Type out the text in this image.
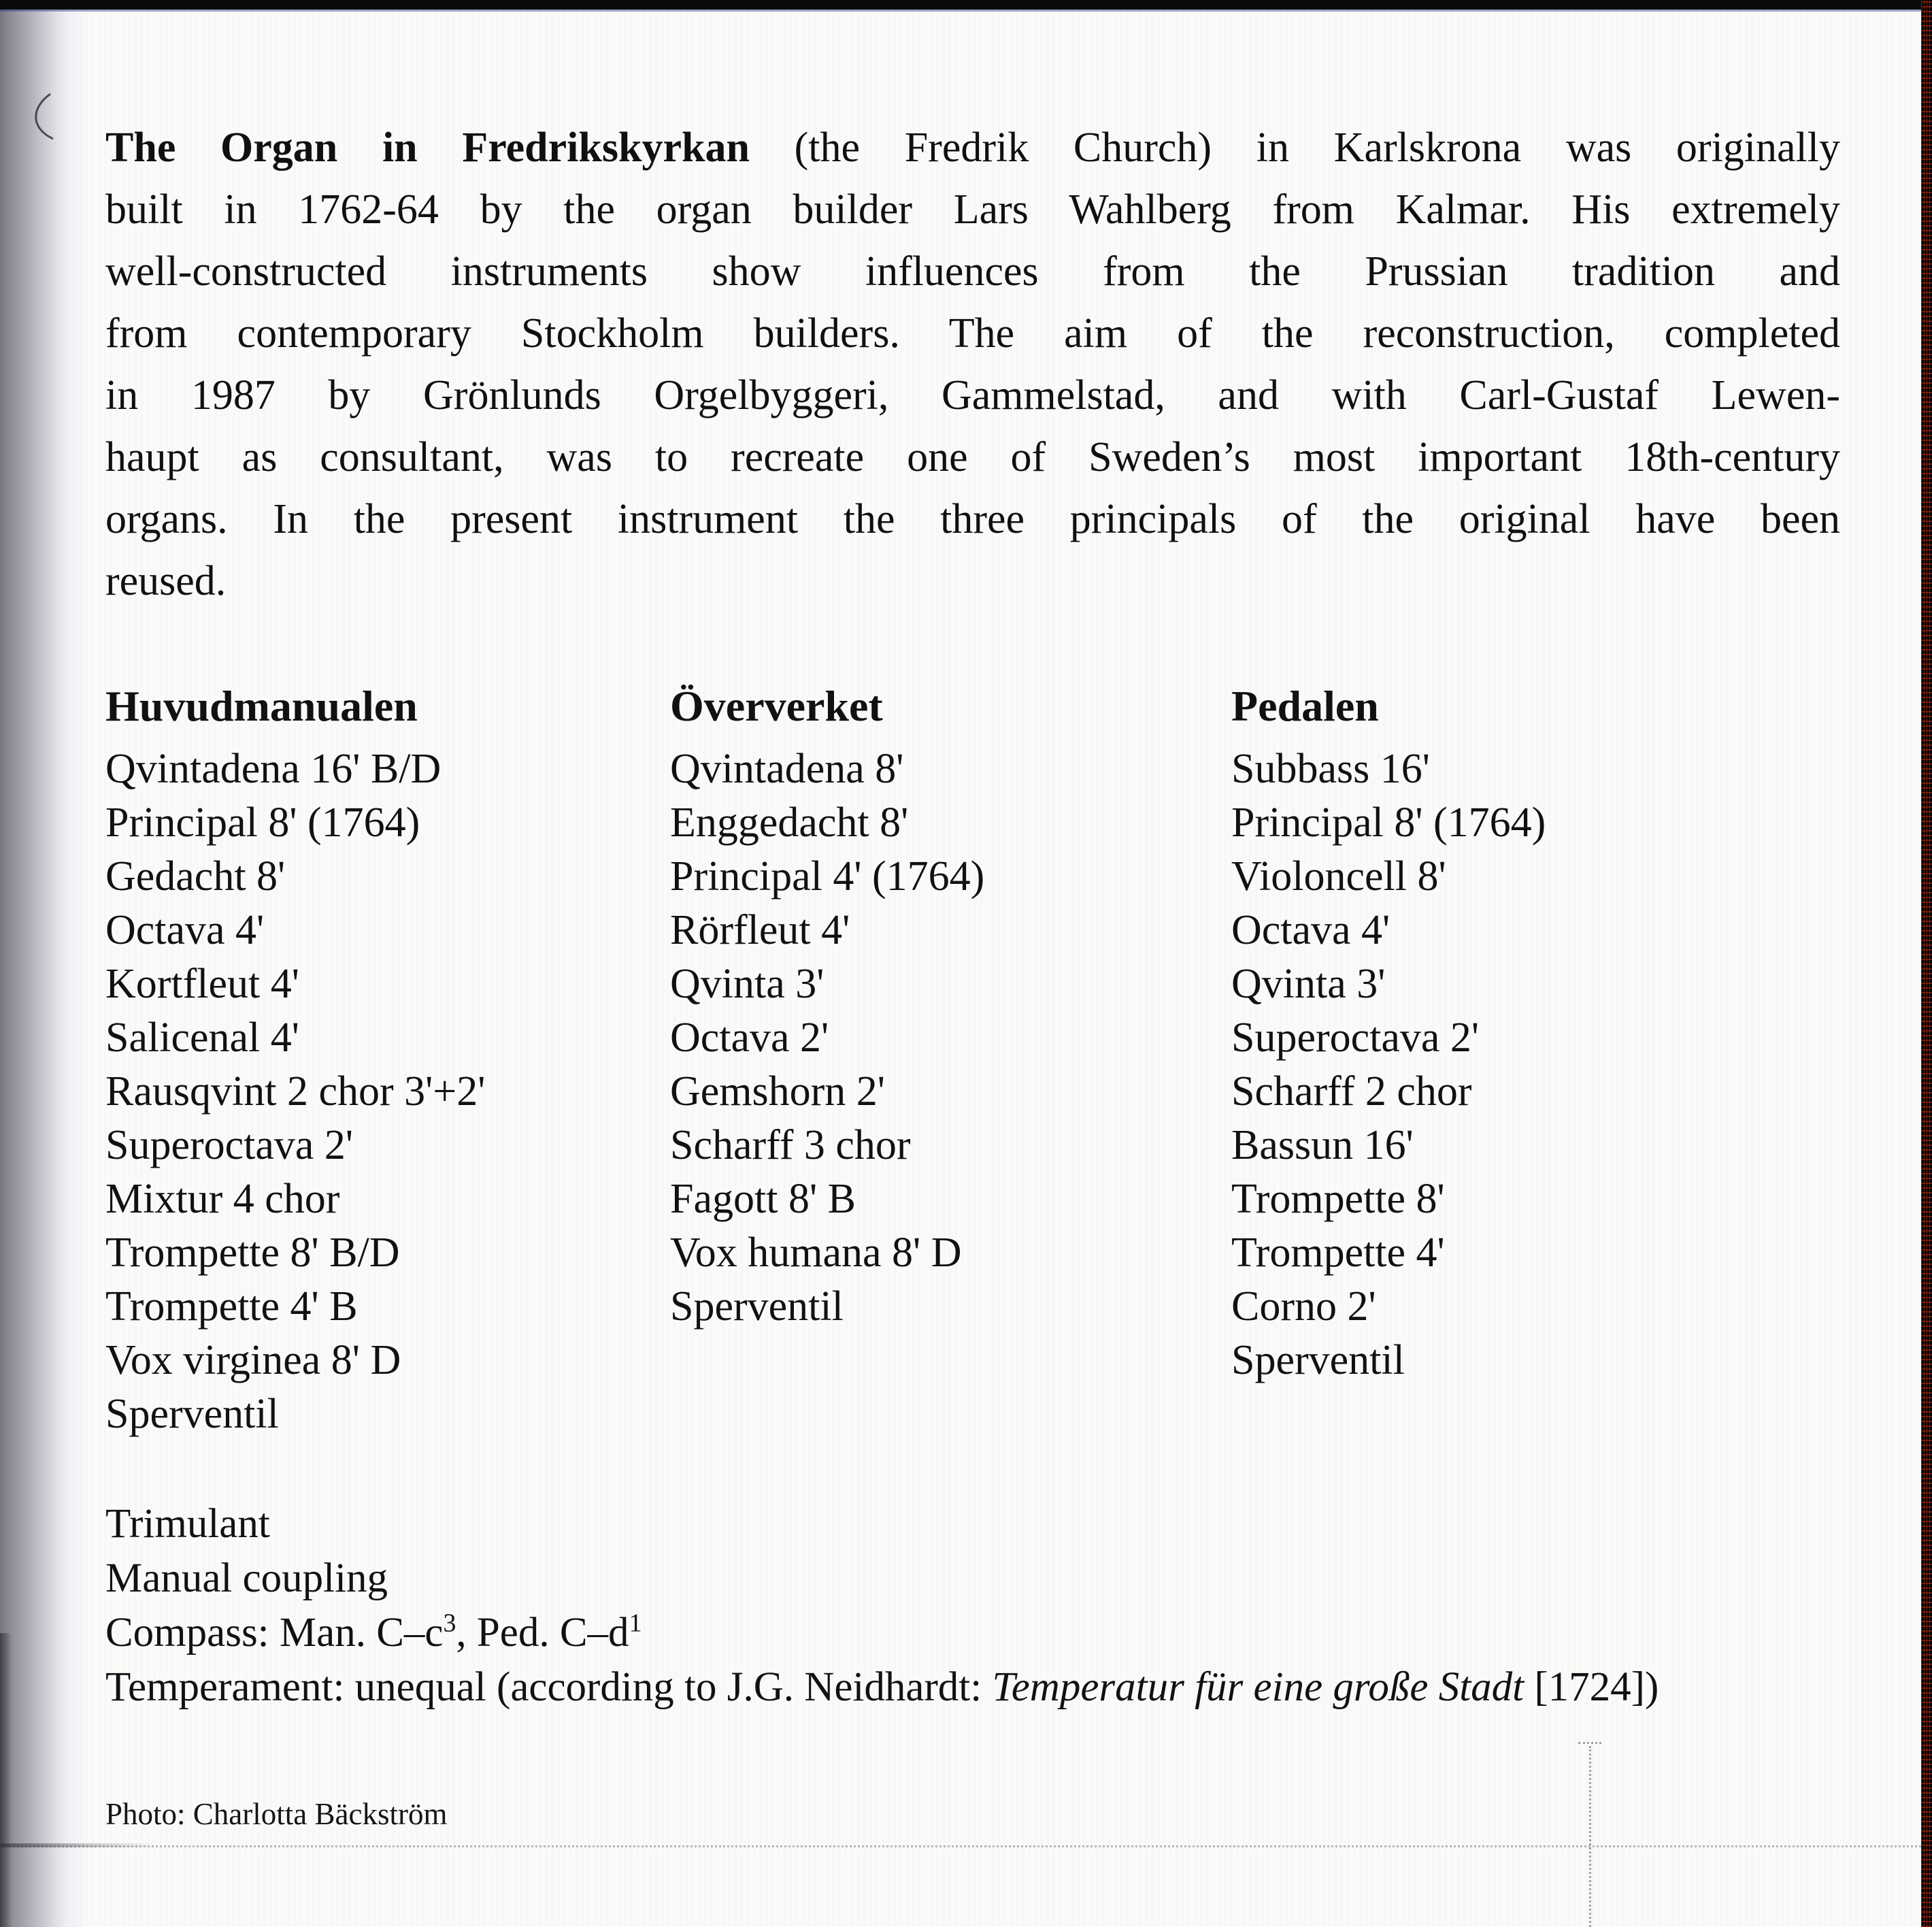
The Organ in Fredrikskyrkan (the Fredrik Church) in Karlskrona was originally
built in 1762-64 by the organ builder Lars Wahlberg from Kalmar. His extremely
well-constructed instruments show influences from the Prussian tradition and
from contemporary Stockholm builders. The aim of the reconstruction, completed
in 1987 by Grönlunds Orgelbyggeri, Gammelstad, and with Carl-Gustaf Lewen-
haupt as consultant, was to recreate one of Sweden’s most important 18th-century
organs. In the present instrument the three principals of the original have been
reused.
Huvudmanualen
Qvintadena 16' B/D
Principal 8' (1764)
Gedacht 8'
Octava 4'
Kortfleut 4'
Salicenal 4'
Rausqvint 2 chor 3'+2'
Superoctava 2'
Mixtur 4 chor
Trompette 8' B/D
Trompette 4' B
Vox virginea 8' D
Sperventil
Öververket
Qvintadena 8'
Enggedacht 8'
Principal 4' (1764)
Rörfleut 4'
Qvinta 3'
Octava 2'
Gemshorn 2'
Scharff 3 chor
Fagott 8' B
Vox humana 8' D
Sperventil
Pedalen
Subbass 16'
Principal 8' (1764)
Violoncell 8'
Octava 4'
Qvinta 3'
Superoctava 2'
Scharff 2 chor
Bassun 16'
Trompette 8'
Trompette 4'
Corno 2'
Sperventil
Trimulant
Manual coupling
Compass: Man. $C-c^3$, Ped. $C-d^1$
Temperament: unequal (according to J.G. Neidhardt: Temperatur für eine große Stadt [1724])
Photo: Charlotta Bäckström
BACH
COMPLETE ORGAN MUSIC
